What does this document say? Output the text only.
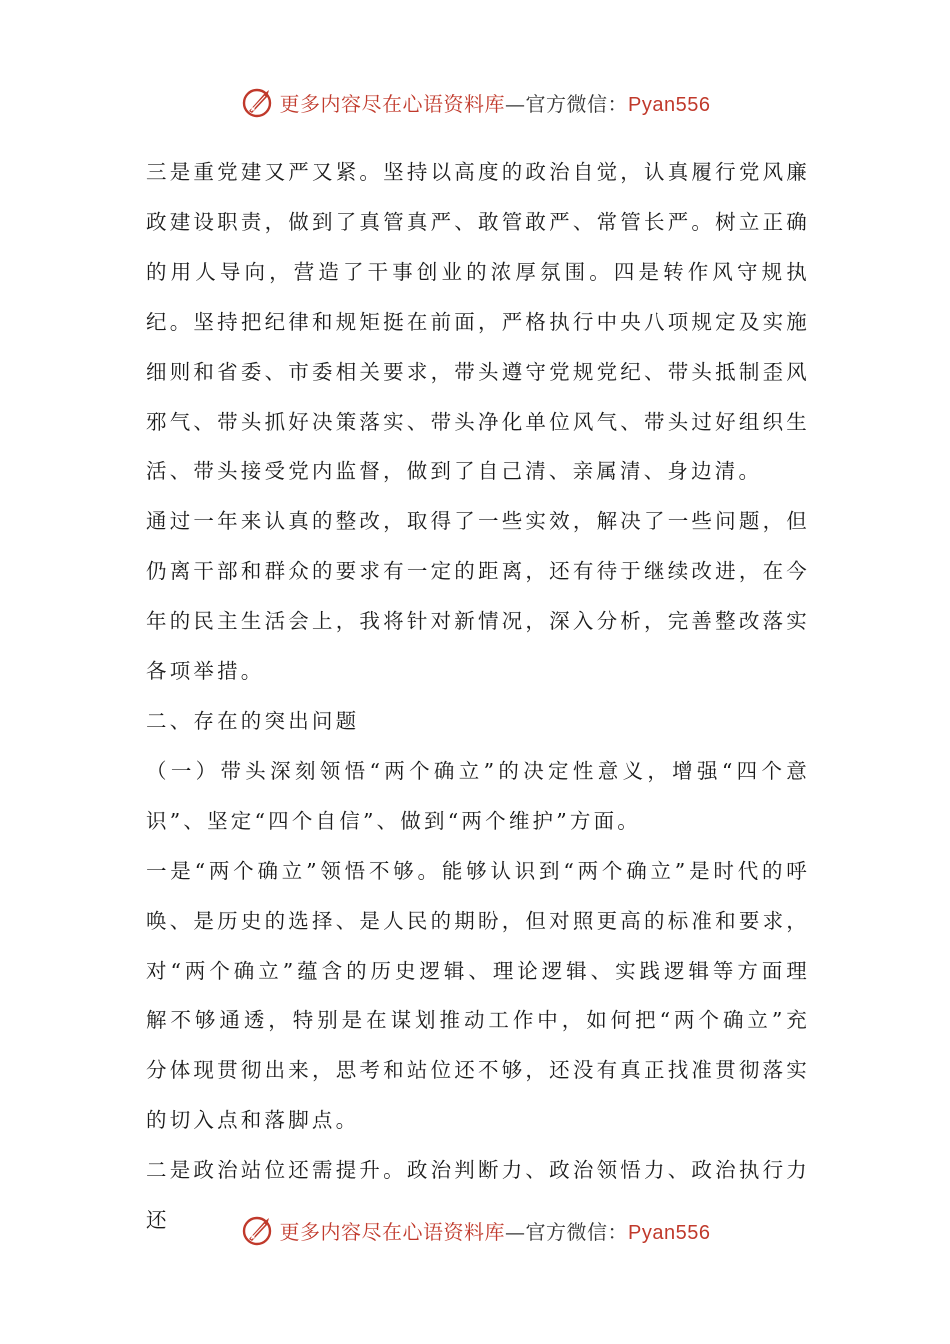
更多内容尽在心语资料库—官方微信：Pyan556

三是重党建又严又紧。坚持以高度的政治自觉，认真履行党风廉政建设职责，做到了真管真严、敢管敢严、常管长严。树立正确的用人导向，营造了干事创业的浓厚氛围。四是转作风守规执纪。坚持把纪律和规矩挺在前面，严格执行中央八项规定及实施细则和省委、市委相关要求，带头遵守党规党纪、带头抵制歪风邪气、带头抓好决策落实、带头净化单位风气、带头过好组织生活、带头接受党内监督，做到了自己清、亲属清、身边清。

通过一年来认真的整改，取得了一些实效，解决了一些问题，但仍离干部和群众的要求有一定的距离，还有待于继续改进，在今年的民主生活会上，我将针对新情况，深入分析，完善整改落实各项举措。

二、存在的突出问题

（一）带头深刻领悟“两个确立”的决定性意义，增强“四个意识”、坚定“四个自信”、做到“两个维护”方面。

一是“两个确立”领悟不够。能够认识到“两个确立”是时代的呼唤、是历史的选择、是人民的期盼，但对照更高的标准和要求，对“两个确立”蕴含的历史逻辑、理论逻辑、实践逻辑等方面理解不够通透，特别是在谋划推动工作中，如何把“两个确立”充分体现贯彻出来，思考和站位还不够，还没有真正找准贯彻落实的切入点和落脚点。

二是政治站位还需提升。政治判断力、政治领悟力、政治执行力还	更多内容尽在心语资料库—官方微信：Pyan556
